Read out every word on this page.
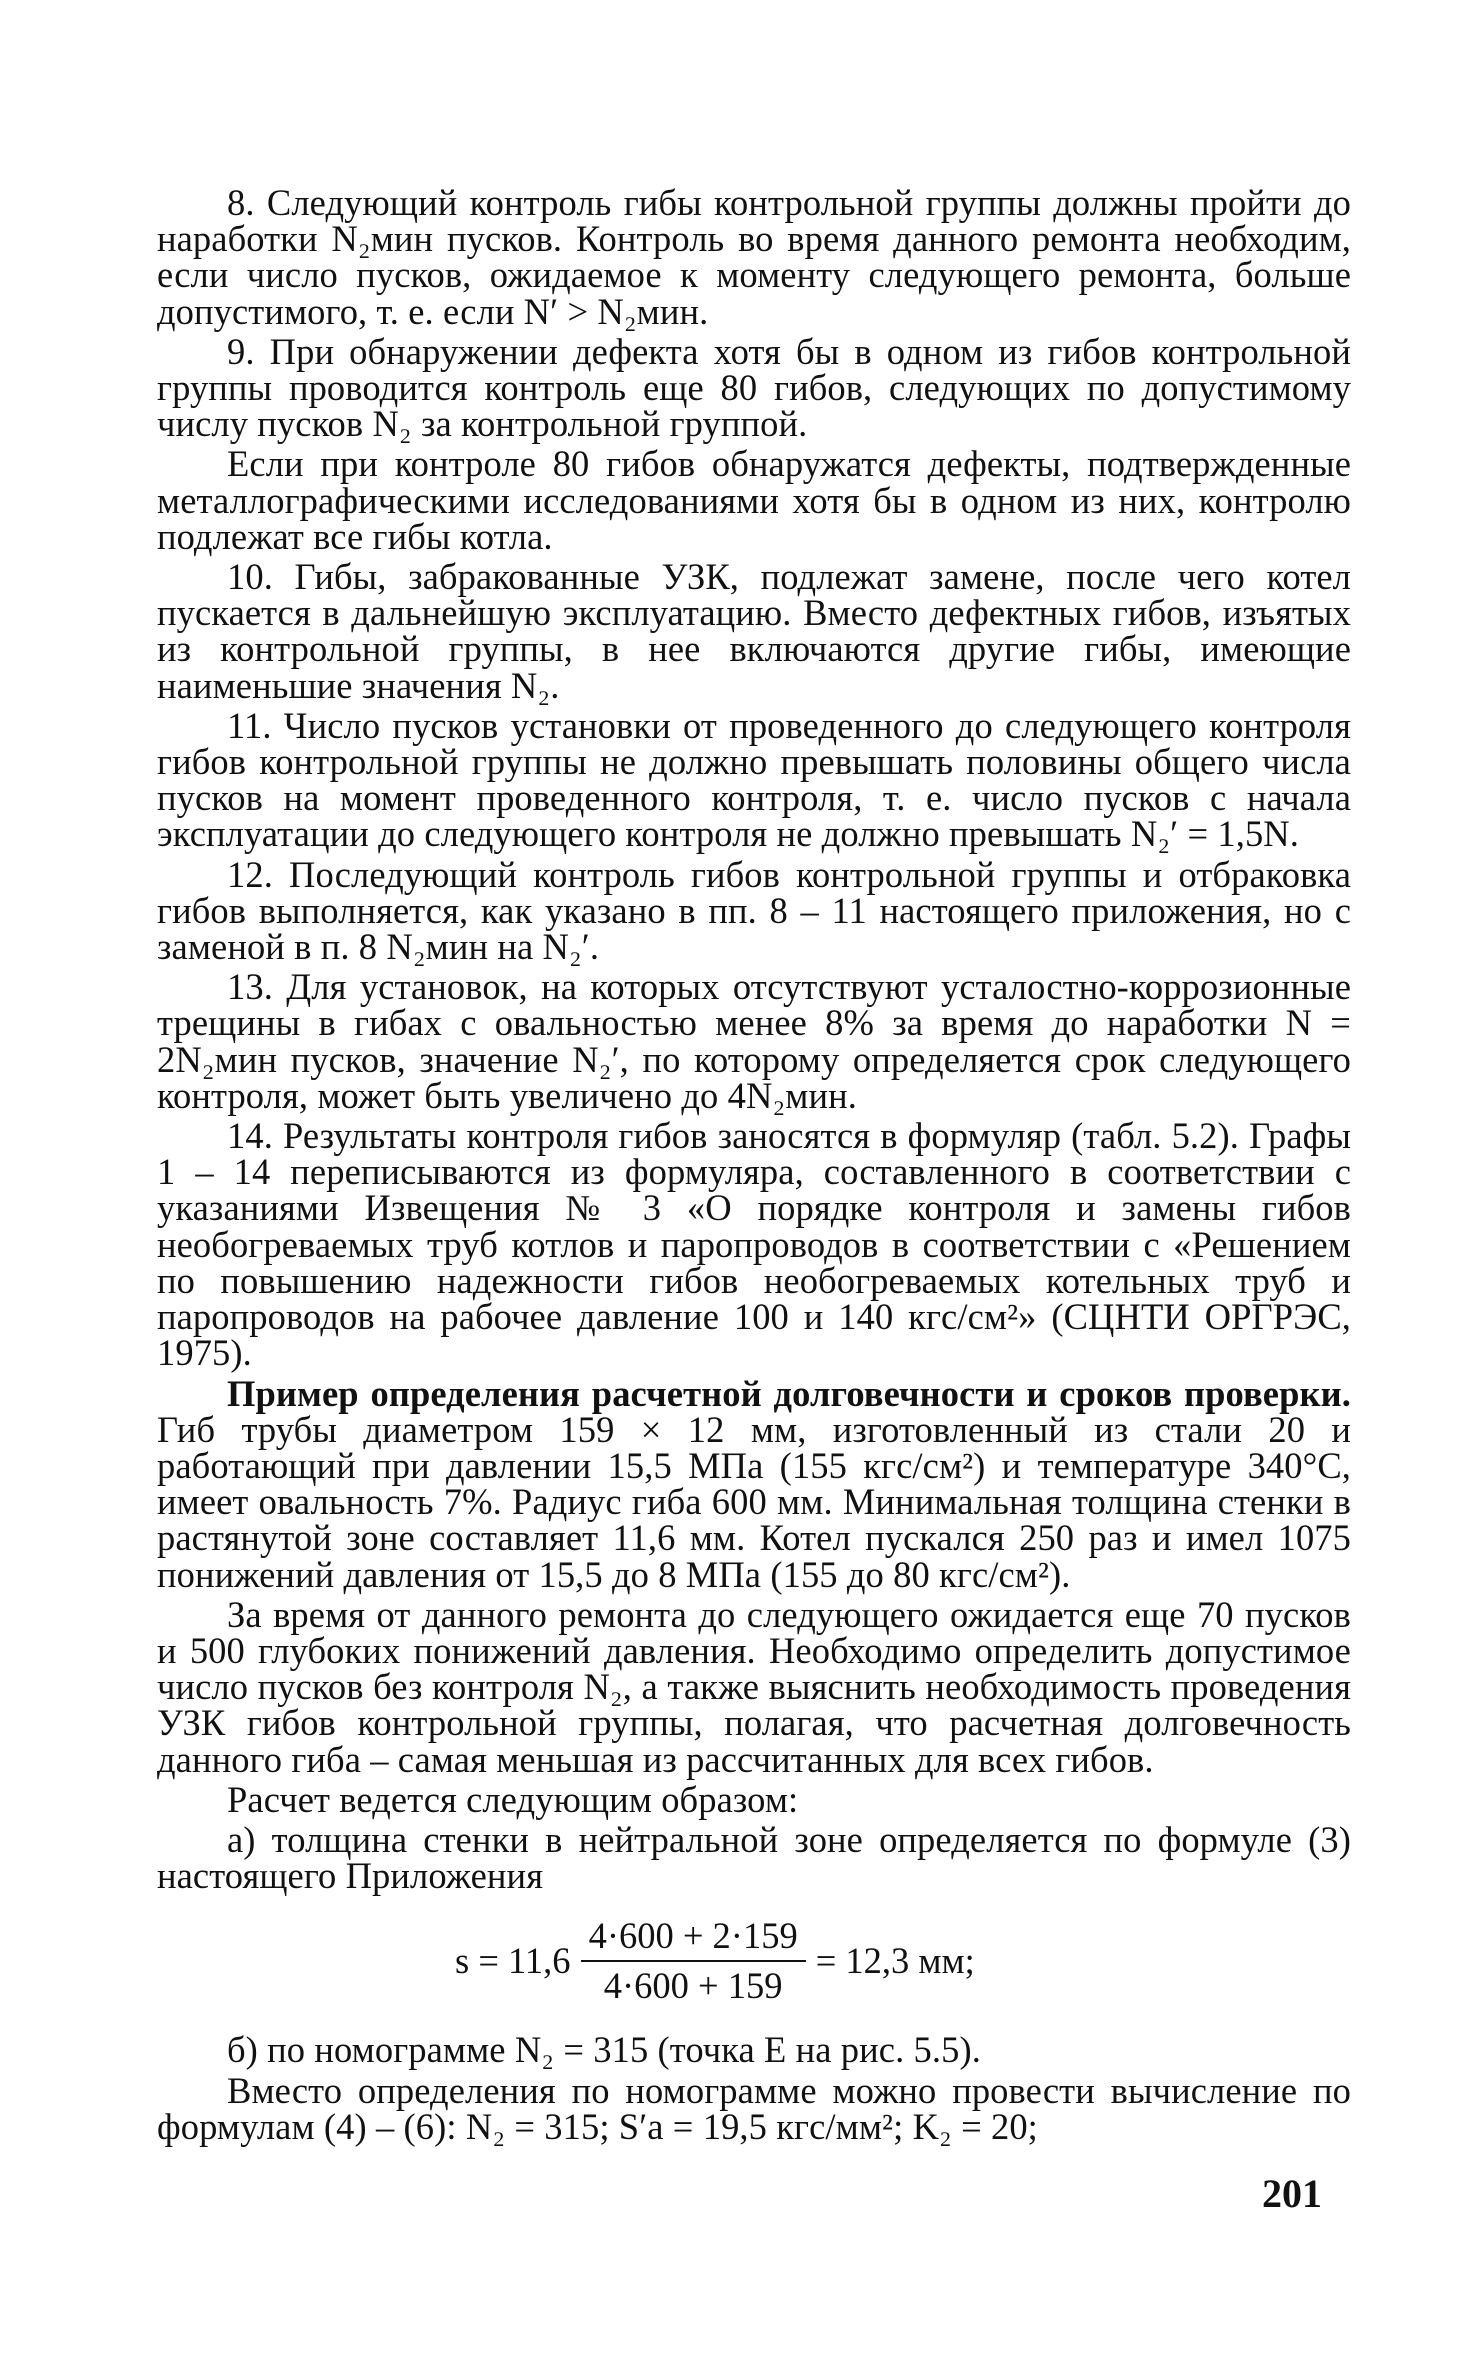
8. Следующий контроль гибы контрольной группы должны пройти до наработки N₂мин пусков. Контроль во время данного ремонта необходим, если число пусков, ожидаемое к моменту следующего ремонта, больше допустимого, т. е. если N′ > N₂мин.

9. При обнаружении дефекта хотя бы в одном из гибов контрольной группы проводится контроль еще 80 гибов, следующих по допустимому числу пусков N₂ за контрольной группой.

Если при контроле 80 гибов обнаружатся дефекты, подтвержденные металлографическими исследованиями хотя бы в одном из них, контролю подлежат все гибы котла.

10. Гибы, забракованные УЗК, подлежат замене, после чего котел пускается в дальнейшую эксплуатацию. Вместо дефектных гибов, изъятых из контрольной группы, в нее включаются другие гибы, имеющие наименьшие значения N₂.

11. Число пусков установки от проведенного до следующего контроля гибов контрольной группы не должно превышать половины общего числа пусков на момент проведенного контроля, т. е. число пусков с начала эксплуатации до следующего контроля не должно превышать N₂′ = 1,5N.

12. Последующий контроль гибов контрольной группы и отбраковка гибов выполняется, как указано в пп. 8 – 11 настоящего приложения, но с заменой в п. 8 N₂мин на N₂′.

13. Для установок, на которых отсутствуют усталостно-коррозионные трещины в гибах с овальностью менее 8% за время до наработки N = 2N₂мин пусков, значение N₂′, по которому определяется срок следующего контроля, может быть увеличено до 4N₂мин.

14. Результаты контроля гибов заносятся в формуляр (табл. 5.2). Графы 1 – 14 переписываются из формуляра, составленного в соответствии с указаниями Извещения № 3 «О порядке контроля и замены гибов необогреваемых труб котлов и паропроводов в соответствии с «Решением по повышению надежности гибов необогреваемых котельных труб и паропроводов на рабочее давление 100 и 140 кгс/см²» (СЦНТИ ОРГРЭС, 1975).

Пример определения расчетной долговечности и сроков проверки. Гиб трубы диаметром 159 × 12 мм, изготовленный из стали 20 и работающий при давлении 15,5 МПа (155 кгс/см²) и температуре 340°С, имеет овальность 7%. Радиус гиба 600 мм. Минимальная толщина стенки в растянутой зоне составляет 11,6 мм. Котел пускался 250 раз и имел 1075 понижений давления от 15,5 до 8 МПа (155 до 80 кгс/см²).

За время от данного ремонта до следующего ожидается еще 70 пусков и 500 глубоких понижений давления. Необходимо определить допустимое число пусков без контроля N₂, а также выяснить необходимость проведения УЗК гибов контрольной группы, полагая, что расчетная долговечность данного гиба – самая меньшая из рассчитанных для всех гибов.

Расчет ведется следующим образом:

а) толщина стенки в нейтральной зоне определяется по формуле (3) настоящего Приложения

$s = 11,6 \frac{4\cdot 600 + 2\cdot 159}{4\cdot 600 + 159} = 12,3$ мм;

б) по номограмме N₂ = 315 (точка E на рис. 5.5).

Вместо определения по номограмме можно провести вычисление по формулам (4) – (6): N₂ = 315; S′а = 19,5 кгс/мм²; K₂ = 20;

201
